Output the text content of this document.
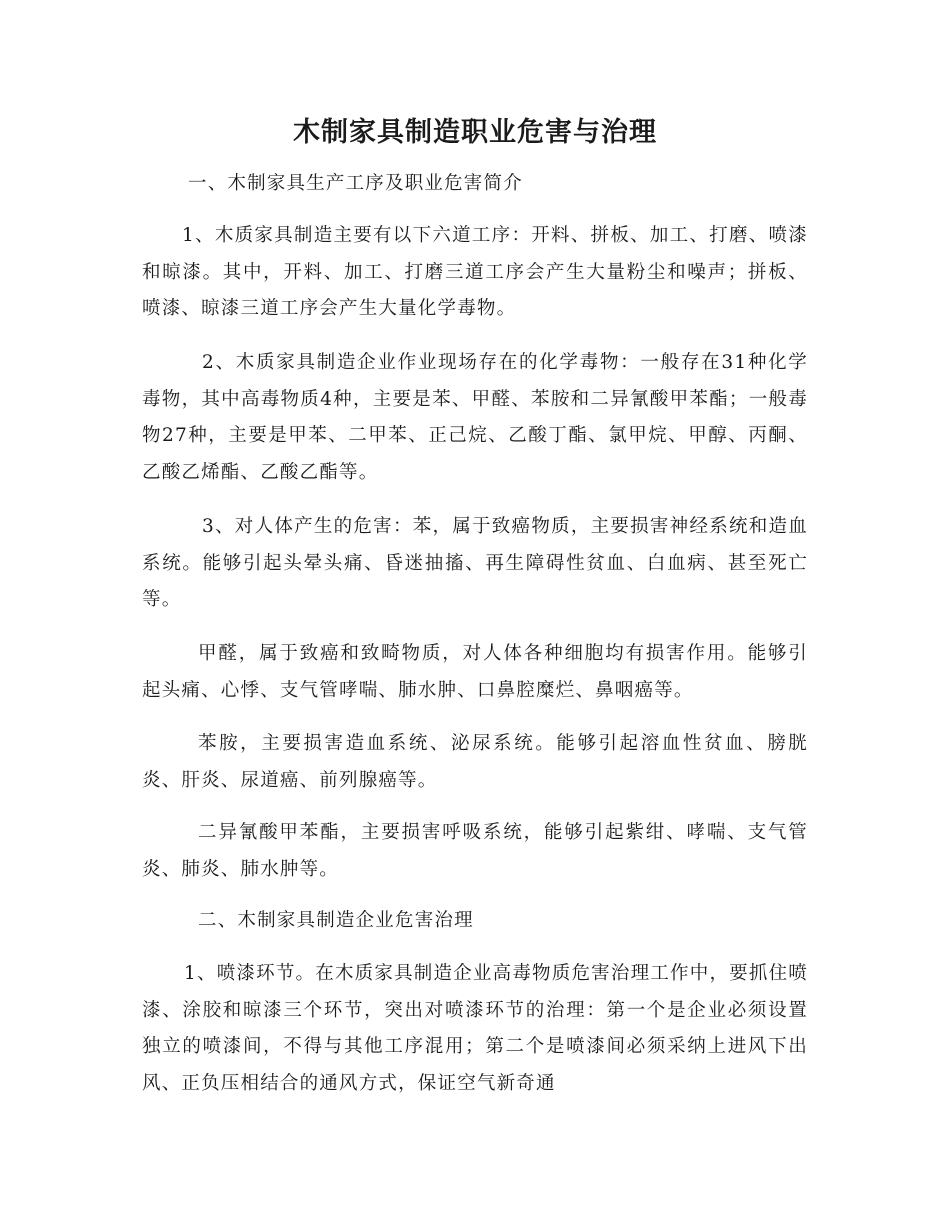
木制家具制造职业危害与治理

一、木制家具生产工序及职业危害简介

1、木质家具制造主要有以下六道工序：开料、拼板、加工、打磨、喷漆和晾漆。其中，开料、加工、打磨三道工序会产生大量粉尘和噪声；拼板、喷漆、晾漆三道工序会产生大量化学毒物。

2、木质家具制造企业作业现场存在的化学毒物：一般存在31种化学毒物，其中高毒物质4种，主要是苯、甲醛、苯胺和二异氰酸甲苯酯；一般毒物27种，主要是甲苯、二甲苯、正己烷、乙酸丁酯、氯甲烷、甲醇、丙酮、乙酸乙烯酯、乙酸乙酯等。

3、对人体产生的危害：苯，属于致癌物质，主要损害神经系统和造血系统。能够引起头晕头痛、昏迷抽搐、再生障碍性贫血、白血病、甚至死亡等。

甲醛，属于致癌和致畸物质，对人体各种细胞均有损害作用。能够引起头痛、心悸、支气管哮喘、肺水肿、口鼻腔糜烂、鼻咽癌等。

苯胺，主要损害造血系统、泌尿系统。能够引起溶血性贫血、膀胱炎、肝炎、尿道癌、前列腺癌等。

二异氰酸甲苯酯，主要损害呼吸系统，能够引起紫绀、哮喘、支气管炎、肺炎、肺水肿等。

二、木制家具制造企业危害治理

1、喷漆环节。在木质家具制造企业高毒物质危害治理工作中，要抓住喷漆、涂胶和晾漆三个环节，突出对喷漆环节的治理：第一个是企业必须设置独立的喷漆间，不得与其他工序混用；第二个是喷漆间必须采纳上进风下出风、正负压相结合的通风方式，保证空气新奇通
